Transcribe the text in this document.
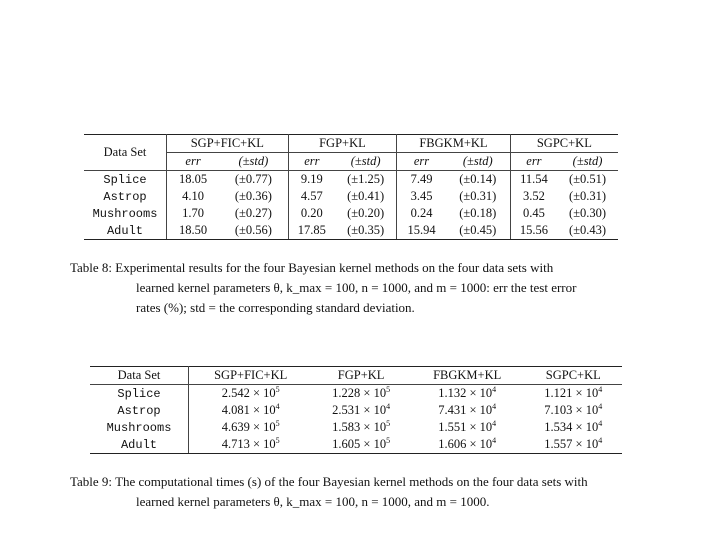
Data Set	SGP+FIC+KL		FGP+KL		FBGKM+KL		SGPC+KL	
	err	(±std)	err	(±std)	err	(±std)	err	(±std)
Splice	18.05	(±0.77)	9.19	(±1.25)	7.49	(±0.14)	11.54	(±0.51)
Astrop	4.10	(±0.36)	4.57	(±0.41)	3.45	(±0.31)	3.52	(±0.31)
Mushrooms	1.70	(±0.27)	0.20	(±0.20)	0.24	(±0.18)	0.45	(±0.30)
Adult	18.50	(±0.56)	17.85	(±0.35)	15.94	(±0.45)	15.56	(±0.43)
Table 8: Experimental results for the four Bayesian kernel methods on the four data sets with
learned kernel parameters θ, k_max = 100, n = 1000, and m = 1000: err the test error
rates (%); std = the corresponding standard deviation.
Data Set	SGP+FIC+KL	FGP+KL	FBGKM+KL	SGPC+KL
Splice	$2.542 \times 10^5$	$1.228 \times 10^5$	$1.132 \times 10^4$	$1.121 \times 10^4$
Astrop	$4.081 \times 10^4$	$2.531 \times 10^4$	$7.431 \times 10^4$	$7.103 \times 10^4$
Mushrooms	$4.639 \times 10^5$	$1.583 \times 10^5$	$1.551 \times 10^4$	$1.534 \times 10^4$
Adult	$4.713 \times 10^5$	$1.605 \times 10^5$	$1.606 \times 10^4$	$1.557 \times 10^4$
Table 9: The computational times (s) of the four Bayesian kernel methods on the four data sets with
learned kernel parameters θ, k_max = 100, n = 1000, and m = 1000.
